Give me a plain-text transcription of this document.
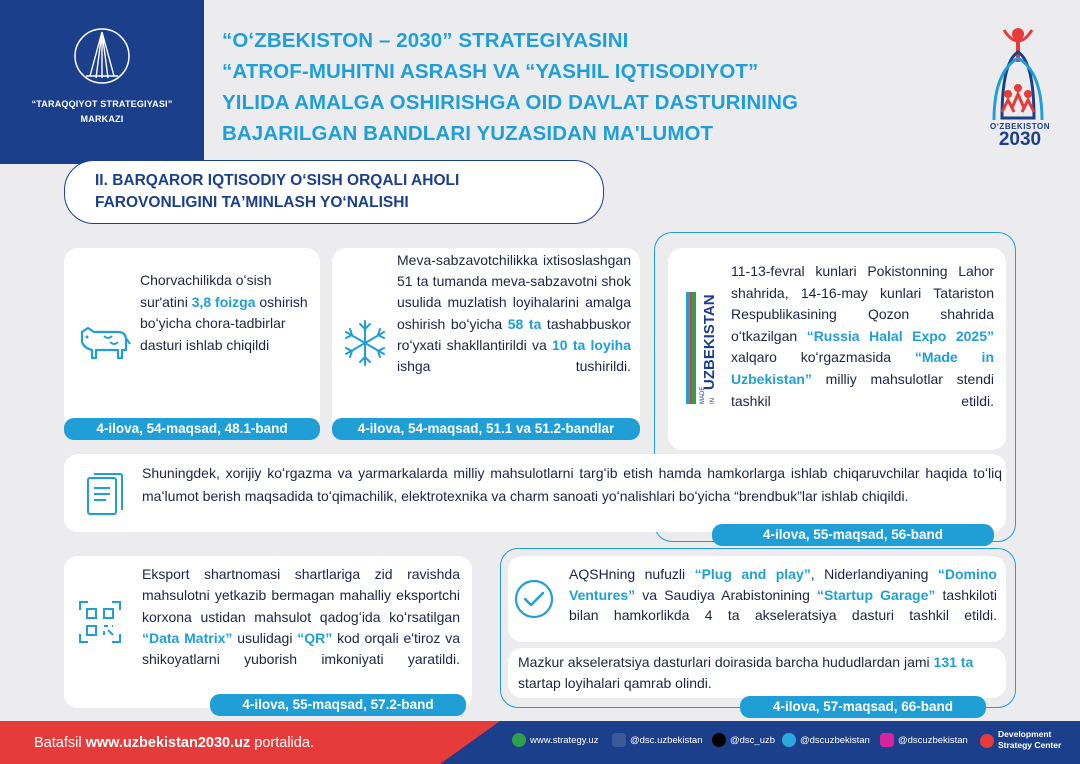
“TARAQQIYOT STRATEGIYASI”
MARKAZI
“OʻZBEKISTON – 2030” STRATEGIYASINI
“ATROF-MUHITNI ASRASH VA “YASHIL IQTISODIYOT”
YILIDA AMALGA OSHIRISHGA OID DAVLAT DASTURINING
BAJARILGAN BANDLARI YUZASIDAN MA'LUMOT	OʻZBEKISTON
2030
II. BARQAROR IQTISODIY OʻSISH ORQALI AHOLI
FAROVONLIGINI TAʼMINLASH YOʻNALISHI
Chorvachilikda oʻsish sur'atini 3,8 foizga oshirish boʻyicha chora-tadbirlar dasturi ishlab chiqildi
4-ilova, 54-maqsad, 48.1-band
Meva-sabzavotchilikka ixtisoslashgan 51 ta tumanda meva-sabzavotni shok usulida muzlatish loyihalarini amalga oshirish boʻyicha 58 ta tashabbuskor roʻyxati shakllantirildi va 10 ta loyiha ishga tushirildi.
4-ilova, 54-maqsad, 51.1 va 51.2-bandlar
UZBEKISTAN
IN
MADE
11-13-fevral kunlari Pokistonning Lahor shahrida, 14-16-may kunlari Tatariston Respublikasining Qozon shahrida oʻtkazilgan “Russia Halal Expo 2025” xalqaro koʻrgazmasida “Made in Uzbekistan” milliy mahsulotlar stendi tashkil etildi.
Shuningdek, xorijiy koʻrgazma va yarmarkalarda milliy mahsulotlarni targʻib etish hamda hamkorlarga ishlab chiqaruvchilar haqida toʻliq maʻlumot berish maqsadida toʻqimachilik, elektrotexnika va charm sanoati yoʻnalishlari boʻyicha “brendbuk”lar ishlab chiqildi.
4-ilova, 55-maqsad, 56-band
Eksport shartnomasi shartlariga zid ravishda mahsulotni yetkazib bermagan mahalliy eksportchi korxona ustidan mahsulot qadogʻida koʻrsatilgan “Data Matrix” usulidagi “QR” kod orqali e'tiroz va shikoyatlarni yuborish imkoniyati yaratildi.
4-ilova, 55-maqsad, 57.2-band
AQSHning nufuzli “Plug and play”, Niderlandiyaning “Domino Ventures” va Saudiya Arabistonining “Startup Garage” tashkiloti bilan hamkorlikda 4 ta akseleratsiya dasturi tashkil etildi.
Mazkur akseleratsiya dasturlari doirasida barcha hududlardan jami 131 ta startap loyihalari qamrab olindi.
4-ilova, 57-maqsad, 66-band
Batafsil www.uzbekistan2030.uz portalida.	www.strategy.uz	@dsc.uzbekistan	@dsc_uzb	@dscuzbekistan	@dscuzbekistan
Development
Strategy Center
